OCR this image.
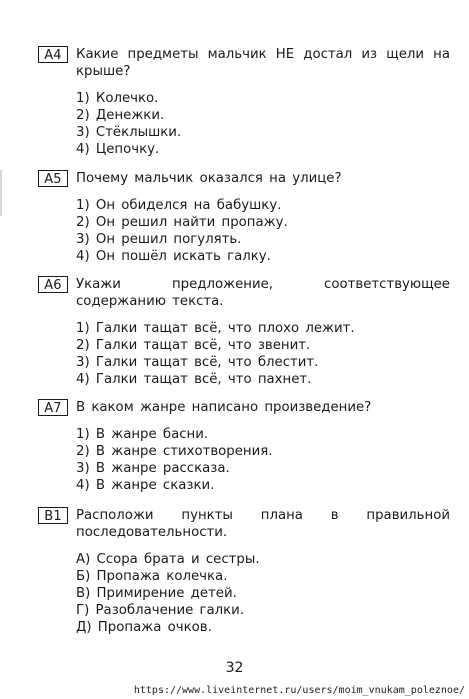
A4	Какие предметы мальчик НЕ достал из щели на крыше?
1) Колечко.
2) Денежки.
3) Стёклышки.
4) Цепочку.
A5	Почему мальчик оказался на улице?
1) Он обиделся на бабушку.
2) Он решил найти пропажу.
3) Он решил погулять.
4) Он пошёл искать галку.
A6	Укажи предложение, соответствующее содержанию текста.
1) Галки тащат всё, что плохо лежит.
2) Галки тащат всё, что звенит.
3) Галки тащат всё, что блестит.
4) Галки тащат всё, что пахнет.
A7	В каком жанре написано произведение?
1) В жанре басни.
2) В жанре стихотворения.
3) В жанре рассказа.
4) В жанре сказки.
B1	Расположи пункты плана в правильной последовательности.
А) Ссора брата и сестры.
Б) Пропажа колечка.
В) Примирение детей.
Г) Разоблачение галки.
Д) Пропажа очков.
32
https://www.liveinternet.ru/users/moim_vnukam_poleznoe/
